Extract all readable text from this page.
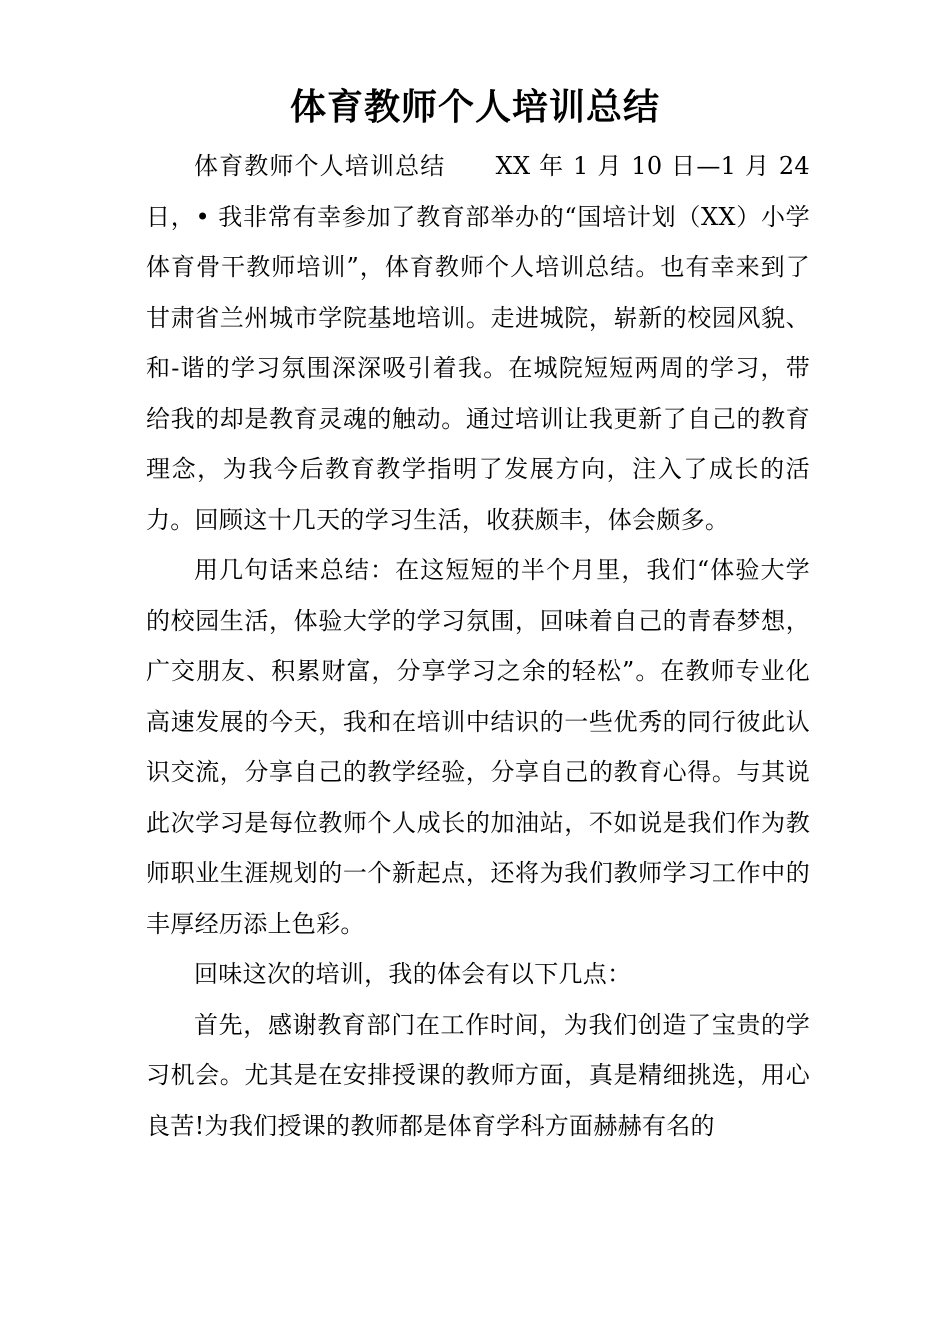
体育教师个人培训总结

体育教师个人培训总结　　XX 年 1 月 10 日—1 月 24 日，• 我非常有幸参加了教育部举办的“国培计划（XX）小学体育骨干教师培训”，体育教师个人培训总结。也有幸来到了甘肃省兰州城市学院基地培训。走进城院，崭新的校园风貌、和-谐的学习氛围深深吸引着我。在城院短短两周的学习，带给我的却是教育灵魂的触动。通过培训让我更新了自己的教育理念，为我今后教育教学指明了发展方向，注入了成长的活力。回顾这十几天的学习生活，收获颇丰，体会颇多。

用几句话来总结：在这短短的半个月里，我们“体验大学的校园生活，体验大学的学习氛围，回味着自己的青春梦想，广交朋友、积累财富，分享学习之余的轻松”。在教师专业化高速发展的今天，我和在培训中结识的一些优秀的同行彼此认识交流，分享自己的教学经验，分享自己的教育心得。与其说此次学习是每位教师个人成长的加油站，不如说是我们作为教师职业生涯规划的一个新起点，还将为我们教师学习工作中的丰厚经历添上色彩。

回味这次的培训，我的体会有以下几点：

首先，感谢教育部门在工作时间，为我们创造了宝贵的学习机会。尤其是在安排授课的教师方面，真是精细挑选，用心良苦!为我们授课的教师都是体育学科方面赫赫有名的
